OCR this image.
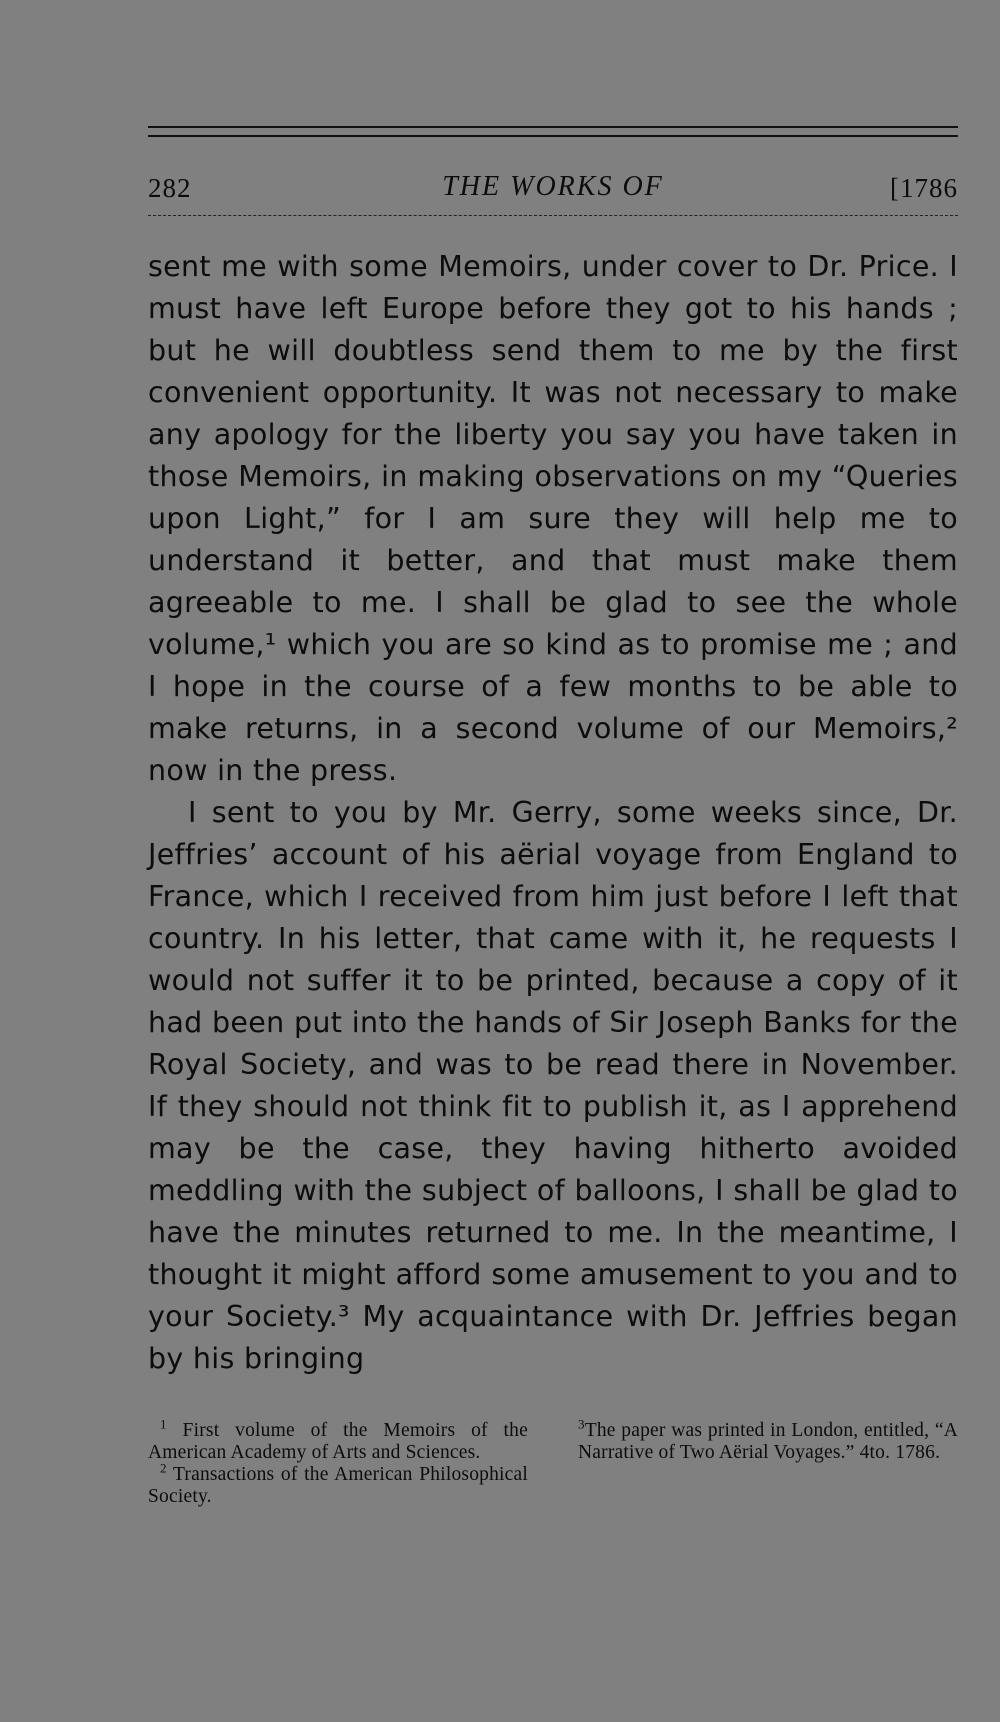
282	THE WORKS OF	[1786

sent me with some Memoirs, under cover to Dr. Price. I must have left Europe before they got to his hands ; but he will doubtless send them to me by the first convenient opportunity. It was not necessary to make any apology for the liberty you say you have taken in those Memoirs, in making observations on my “Queries upon Light,” for I am sure they will help me to understand it better, and that must make them agreeable to me. I shall be glad to see the whole volume,¹ which you are so kind as to promise me ; and I hope in the course of a few months to be able to make returns, in a second volume of our Memoirs,² now in the press.

I sent to you by Mr. Gerry, some weeks since, Dr. Jeffries’ account of his aërial voyage from England to France, which I received from him just before I left that country. In his letter, that came with it, he requests I would not suffer it to be printed, because a copy of it had been put into the hands of Sir Joseph Banks for the Royal Society, and was to be read there in November. If they should not think fit to publish it, as I apprehend may be the case, they having hitherto avoided meddling with the subject of balloons, I shall be glad to have the minutes returned to me. In the meantime, I thought it might afford some amusement to you and to your Society.³ My acquaintance with Dr. Jeffries began by his bringing

$^1$ First volume of the Memoirs of the American Academy of Arts and Sciences.

$^2$ Transactions of the American Philosophical Society.

$^3$The paper was printed in London, entitled, “A Narrative of Two Aërial Voyages.” 4to. 1786.
